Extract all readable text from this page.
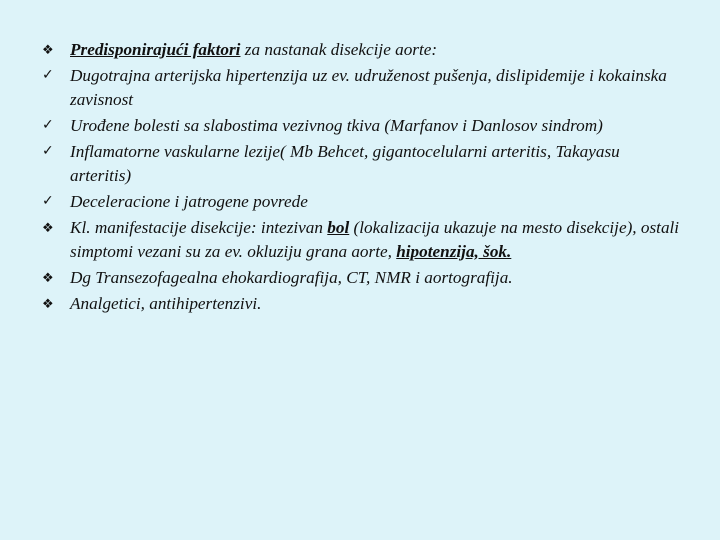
❖ Predisponirajući faktori za nastanak disekcije aorte:
✓ Dugotrajna arterijska hipertenzija uz ev. udruženost pušenja, dislipidemije i kokainska zavisnost
✓ Urođene bolesti sa slabostima vezivnog tkiva (Marfanov i Danlosov sindrom)
✓ Inflamatorne vaskularne lezije( Mb Behcet, gigantocelularni arteritis, Takayasu arteritis)
✓ Deceleracione i jatrogene povrede
❖ Kl. manifestacije disekcije: intezivan bol (lokalizacija ukazuje na mesto disekcije), ostali simptomi vezani su za ev. okluziju grana aorte, hipotenzija, šok.
❖ Dg Transezofagealna ehokardiografija, CT, NMR i aortografija.
❖ Analgetici, antihipertenzivi.
